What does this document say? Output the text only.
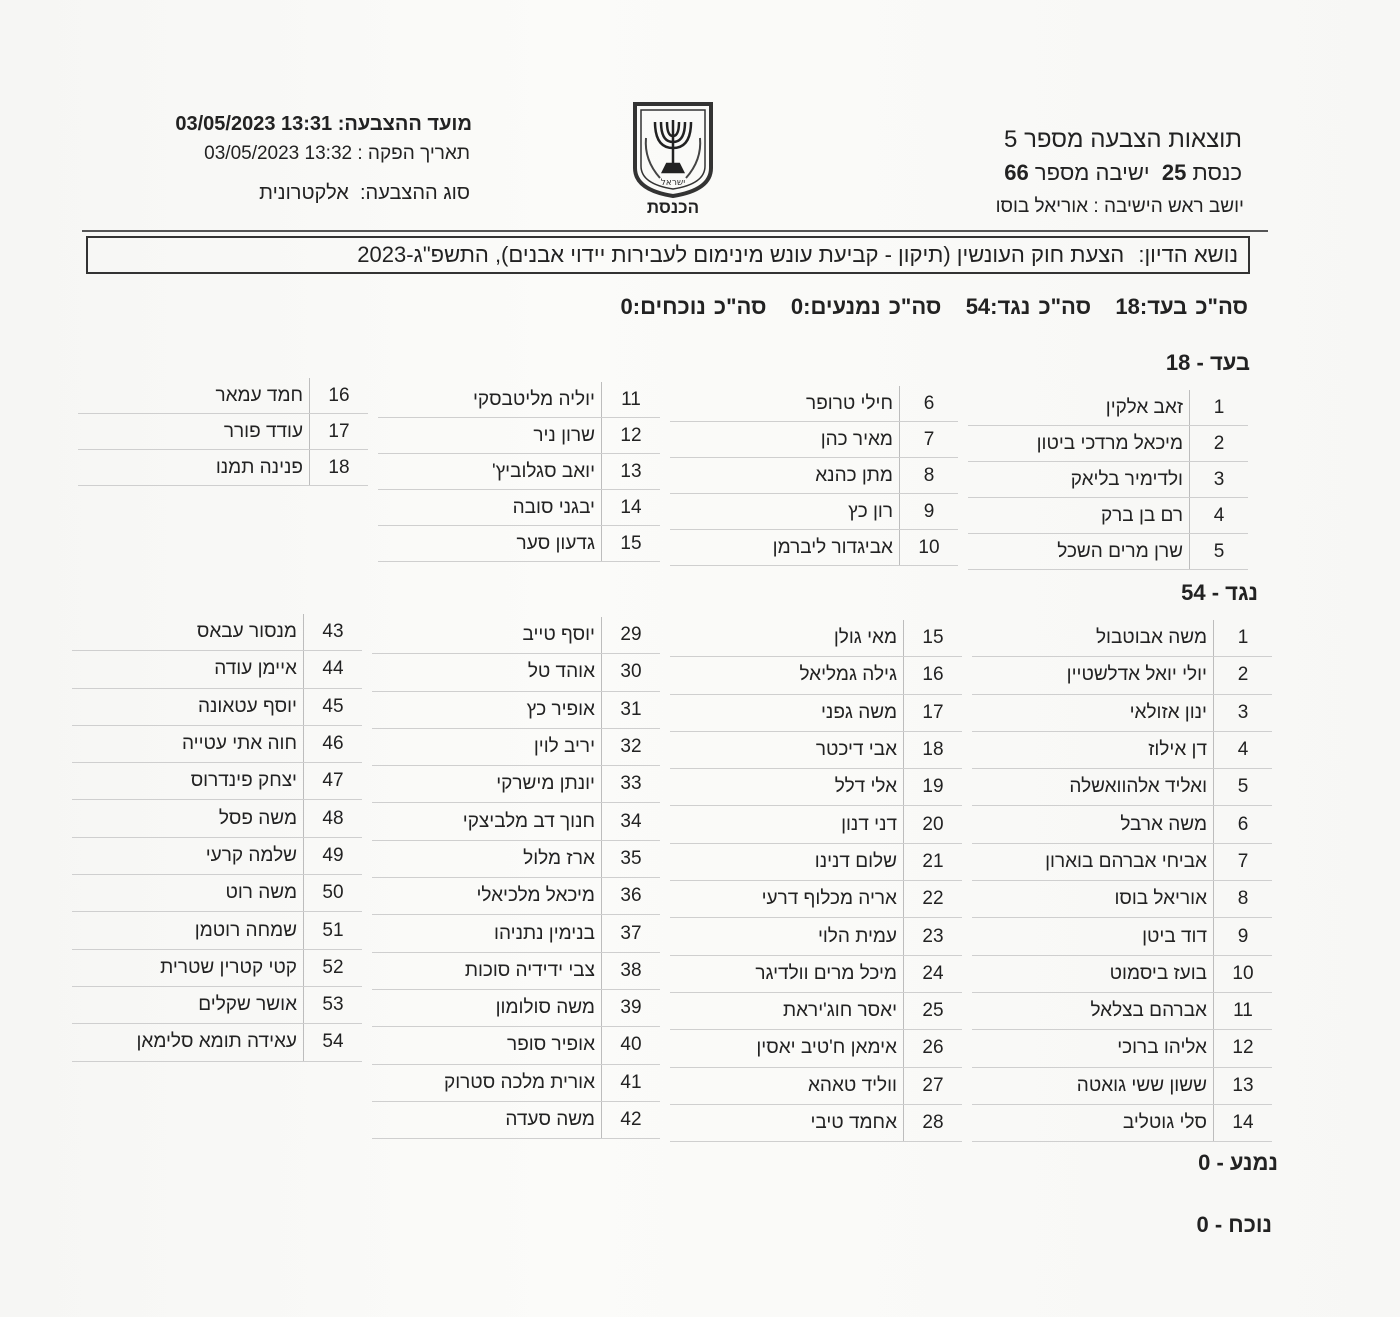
תוצאות הצבעה מספר 5
כנסת 25  ישיבה מספר 66
יושב ראש הישיבה : אוריאל בוסו
ישראל
הכנסת
מועד ההצבעה: 03/05/2023 13:31
תאריך הפקה : 03/05/2023 13:32
סוג ההצבעה:  אלקטרונית
נושא הדיון: הצעת חוק העונשין (תיקון - קביעת עונש מינימום לעבירות יידוי אבנים), התשפ"ג-2023
סה"כ בעד:18   סה"כ נגד:54   סה"כ נמנעים:0   סה"כ נוכחים:0
בעד - 18
1	זאב אלקין
2	מיכאל מרדכי ביטון
3	ולדימיר בליאק
4	רם בן ברק
5	שרן מרים השכל
6	חילי טרופר
7	מאיר כהן
8	מתן כהנא
9	רון כץ
10	אביגדור ליברמן
11	יוליה מליטבסקי
12	שרון ניר
13	יואב סגלוביץ'
14	יבגני סובה
15	גדעון סער
16	חמד עמאר
17	עודד פורר
18	פנינה תמנו
נגד - 54
1	משה אבוטבול
2	יולי יואל אדלשטיין
3	ינון אזולאי
4	דן אילוז
5	ואליד אלהוואשלה
6	משה ארבל
7	אביחי אברהם בוארון
8	אוריאל בוסו
9	דוד ביטן
10	בועז ביסמוט
11	אברהם בצלאל
12	אליהו ברוכי
13	ששון ששי גואטה
14	סלי גוטליב
15	מאי גולן
16	גילה גמליאל
17	משה גפני
18	אבי דיכטר
19	אלי דלל
20	דני דנון
21	שלום דנינו
22	אריה מכלוף דרעי
23	עמית הלוי
24	מיכל מרים וולדיגר
25	יאסר חוג'יראת
26	אימאן ח'טיב יאסין
27	ווליד טאהא
28	אחמד טיבי
29	יוסף טייב
30	אוהד טל
31	אופיר כץ
32	יריב לוין
33	יונתן מישרקי
34	חנוך דב מלביצקי
35	ארז מלול
36	מיכאל מלכיאלי
37	בנימין נתניהו
38	צבי ידידיה סוכות
39	משה סולומון
40	אופיר סופר
41	אורית מלכה סטרוק
42	משה סעדה
43	מנסור עבאס
44	איימן עודה
45	יוסף עטאונה
46	חוה אתי עטייה
47	יצחק פינדרוס
48	משה פסל
49	שלמה קרעי
50	משה רוט
51	שמחה רוטמן
52	קטי קטרין שטרית
53	אושר שקלים
54	עאידה תומא סלימאן
נמנע - 0
נוכח - 0
